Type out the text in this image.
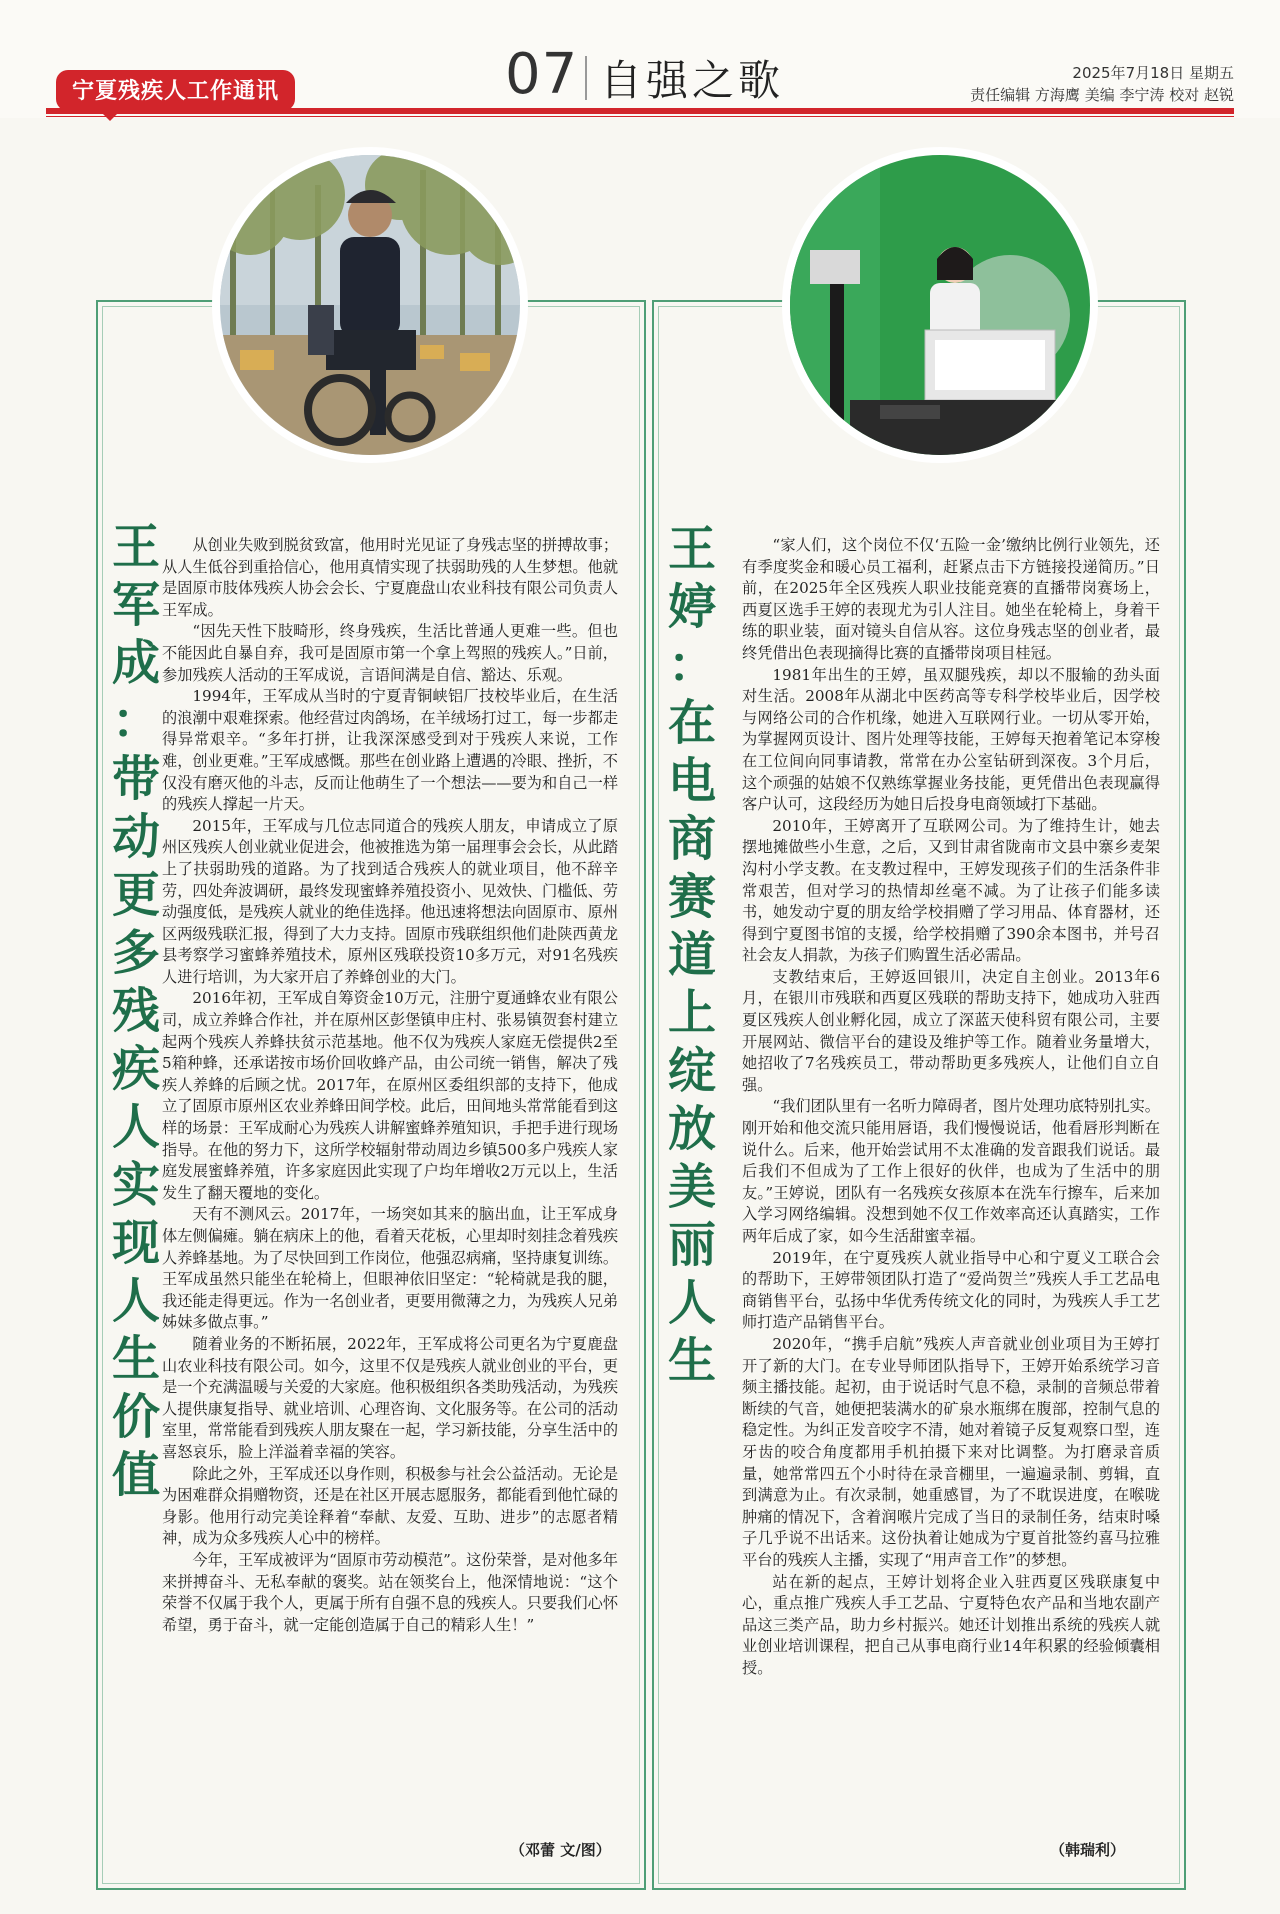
宁夏残疾人工作通讯	07 自强之歌	2025年7月18日 星期五
责任编辑 方海鹰 美编 李宁涛 校对 赵锐
王
军
成
：
带
动
更
多
残
疾
人
实
现
人
生
价
值

从创业失败到脱贫致富，他用时光见证了身残志坚的拼搏故事；从人生低谷到重拾信心，他用真情实现了扶弱助残的人生梦想。他就是固原市肢体残疾人协会会长、宁夏鹿盘山农业科技有限公司负责人王军成。

“因先天性下肢畸形，终身残疾，生活比普通人更难一些。但也不能因此自暴自弃，我可是固原市第一个拿上驾照的残疾人。”日前，参加残疾人活动的王军成说，言语间满是自信、豁达、乐观。

1994年，王军成从当时的宁夏青铜峡铝厂技校毕业后，在生活的浪潮中艰难探索。他经营过肉鸽场，在羊绒场打过工，每一步都走得异常艰辛。“多年打拼，让我深深感受到对于残疾人来说，工作难，创业更难。”王军成感慨。那些在创业路上遭遇的冷眼、挫折，不仅没有磨灭他的斗志，反而让他萌生了一个想法——要为和自己一样的残疾人撑起一片天。

2015年，王军成与几位志同道合的残疾人朋友，申请成立了原州区残疾人创业就业促进会，他被推选为第一届理事会会长，从此踏上了扶弱助残的道路。为了找到适合残疾人的就业项目，他不辞辛劳，四处奔波调研，最终发现蜜蜂养殖投资小、见效快、门槛低、劳动强度低，是残疾人就业的绝佳选择。他迅速将想法向固原市、原州区两级残联汇报，得到了大力支持。固原市残联组织他们赴陕西黄龙县考察学习蜜蜂养殖技术，原州区残联投资10多万元，对91名残疾人进行培训，为大家开启了养蜂创业的大门。

2016年初，王军成自筹资金10万元，注册宁夏通蜂农业有限公司，成立养蜂合作社，并在原州区彭堡镇申庄村、张易镇贺套村建立起两个残疾人养蜂扶贫示范基地。他不仅为残疾人家庭无偿提供2至5箱种蜂，还承诺按市场价回收蜂产品，由公司统一销售，解决了残疾人养蜂的后顾之忧。2017年，在原州区委组织部的支持下，他成立了固原市原州区农业养蜂田间学校。此后，田间地头常常能看到这样的场景：王军成耐心为残疾人讲解蜜蜂养殖知识，手把手进行现场指导。在他的努力下，这所学校辐射带动周边乡镇500多户残疾人家庭发展蜜蜂养殖，许多家庭因此实现了户均年增收2万元以上，生活发生了翻天覆地的变化。

天有不测风云。2017年，一场突如其来的脑出血，让王军成身体左侧偏瘫。躺在病床上的他，看着天花板，心里却时刻挂念着残疾人养蜂基地。为了尽快回到工作岗位，他强忍病痛，坚持康复训练。王军成虽然只能坐在轮椅上，但眼神依旧坚定：“轮椅就是我的腿，我还能走得更远。作为一名创业者，更要用微薄之力，为残疾人兄弟姊妹多做点事。”

随着业务的不断拓展，2022年，王军成将公司更名为宁夏鹿盘山农业科技有限公司。如今，这里不仅是残疾人就业创业的平台，更是一个充满温暖与关爱的大家庭。他积极组织各类助残活动，为残疾人提供康复指导、就业培训、心理咨询、文化服务等。在公司的活动室里，常常能看到残疾人朋友聚在一起，学习新技能，分享生活中的喜怒哀乐，脸上洋溢着幸福的笑容。

除此之外，王军成还以身作则，积极参与社会公益活动。无论是为困难群众捐赠物资，还是在社区开展志愿服务，都能看到他忙碌的身影。他用行动完美诠释着“奉献、友爱、互助、进步”的志愿者精神，成为众多残疾人心中的榜样。

今年，王军成被评为“固原市劳动模范”。这份荣誉，是对他多年来拼搏奋斗、无私奉献的褒奖。站在领奖台上，他深情地说：“这个荣誉不仅属于我个人，更属于所有自强不息的残疾人。只要我们心怀希望，勇于奋斗，就一定能创造属于自己的精彩人生！”

（邓蕾 文/图）
王
婷
：
在
电
商
赛
道
上
绽
放
美
丽
人
生

“家人们，这个岗位不仅‘五险一金’缴纳比例行业领先，还有季度奖金和暖心员工福利，赶紧点击下方链接投递简历。”日前，在2025年全区残疾人职业技能竞赛的直播带岗赛场上，西夏区选手王婷的表现尤为引人注目。她坐在轮椅上，身着干练的职业装，面对镜头自信从容。这位身残志坚的创业者，最终凭借出色表现摘得比赛的直播带岗项目桂冠。

1981年出生的王婷，虽双腿残疾，却以不服输的劲头面对生活。2008年从湖北中医药高等专科学校毕业后，因学校与网络公司的合作机缘，她进入互联网行业。一切从零开始，为掌握网页设计、图片处理等技能，王婷每天抱着笔记本穿梭在工位间向同事请教，常常在办公室钻研到深夜。3个月后，这个顽强的姑娘不仅熟练掌握业务技能，更凭借出色表现赢得客户认可，这段经历为她日后投身电商领域打下基础。

2010年，王婷离开了互联网公司。为了维持生计，她去摆地摊做些小生意，之后，又到甘肃省陇南市文县中寨乡麦架沟村小学支教。在支教过程中，王婷发现孩子们的生活条件非常艰苦，但对学习的热情却丝毫不减。为了让孩子们能多读书，她发动宁夏的朋友给学校捐赠了学习用品、体育器材，还得到宁夏图书馆的支援，给学校捐赠了390余本图书，并号召社会友人捐款，为孩子们购置生活必需品。

支教结束后，王婷返回银川，决定自主创业。2013年6月，在银川市残联和西夏区残联的帮助支持下，她成功入驻西夏区残疾人创业孵化园，成立了深蓝天使科贸有限公司，主要开展网站、微信平台的建设及维护等工作。随着业务量增大，她招收了7名残疾员工，带动帮助更多残疾人，让他们自立自强。

“我们团队里有一名听力障碍者，图片处理功底特别扎实。刚开始和他交流只能用唇语，我们慢慢说话，他看唇形判断在说什么。后来，他开始尝试用不太准确的发音跟我们说话。最后我们不但成为了工作上很好的伙伴，也成为了生活中的朋友。”王婷说，团队有一名残疾女孩原本在洗车行擦车，后来加入学习网络编辑。没想到她不仅工作效率高还认真踏实，工作两年后成了家，如今生活甜蜜幸福。

2019年，在宁夏残疾人就业指导中心和宁夏义工联合会的帮助下，王婷带领团队打造了“爱尚贺兰”残疾人手工艺品电商销售平台，弘扬中华优秀传统文化的同时，为残疾人手工艺师打造产品销售平台。

2020年，“携手启航”残疾人声音就业创业项目为王婷打开了新的大门。在专业导师团队指导下，王婷开始系统学习音频主播技能。起初，由于说话时气息不稳，录制的音频总带着断续的气音，她便把装满水的矿泉水瓶绑在腹部，控制气息的稳定性。为纠正发音咬字不清，她对着镜子反复观察口型，连牙齿的咬合角度都用手机拍摄下来对比调整。为打磨录音质量，她常常四五个小时待在录音棚里，一遍遍录制、剪辑，直到满意为止。有次录制，她重感冒，为了不耽误进度，在喉咙肿痛的情况下，含着润喉片完成了当日的录制任务，结束时嗓子几乎说不出话来。这份执着让她成为宁夏首批签约喜马拉雅平台的残疾人主播，实现了“用声音工作”的梦想。

站在新的起点，王婷计划将企业入驻西夏区残联康复中心，重点推广残疾人手工艺品、宁夏特色农产品和当地农副产品这三类产品，助力乡村振兴。她还计划推出系统的残疾人就业创业培训课程，把自己从事电商行业14年积累的经验倾囊相授。

（韩瑞利）
